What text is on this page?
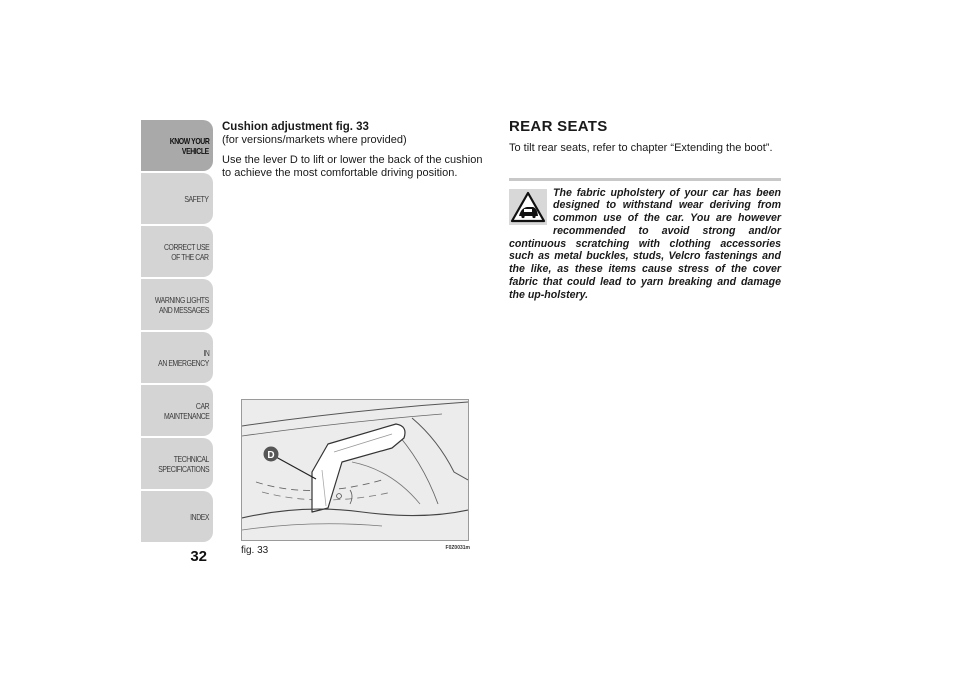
KNOW YOUR
VEHICLE
SAFETY
CORRECT USE
OF THE CAR
WARNING LIGHTS
AND MESSAGES
IN
AN EMERGENCY
CAR
MAINTENANCE
TECHNICAL
SPECIFICATIONS
INDEX
32
Cushion adjustment fig. 33
(for versions/markets where provided)
Use the lever D to lift or lower the back of the cushion to achieve the most comfortable driving position.
REAR SEATS
To tilt rear seats, refer to chapter “Extending the boot”.
The fabric upholstery of your car has been designed to withstand wear deriving from common use of the car. You are however recommended to avoid strong and/or continuous scratching with clothing accessories such as metal buckles, studs, Velcro fastenings and the like, as these items cause stress of the cover fabric that could lead to yarn breaking and damage the up-holstery.
D
fig. 33	F0Z0031m
